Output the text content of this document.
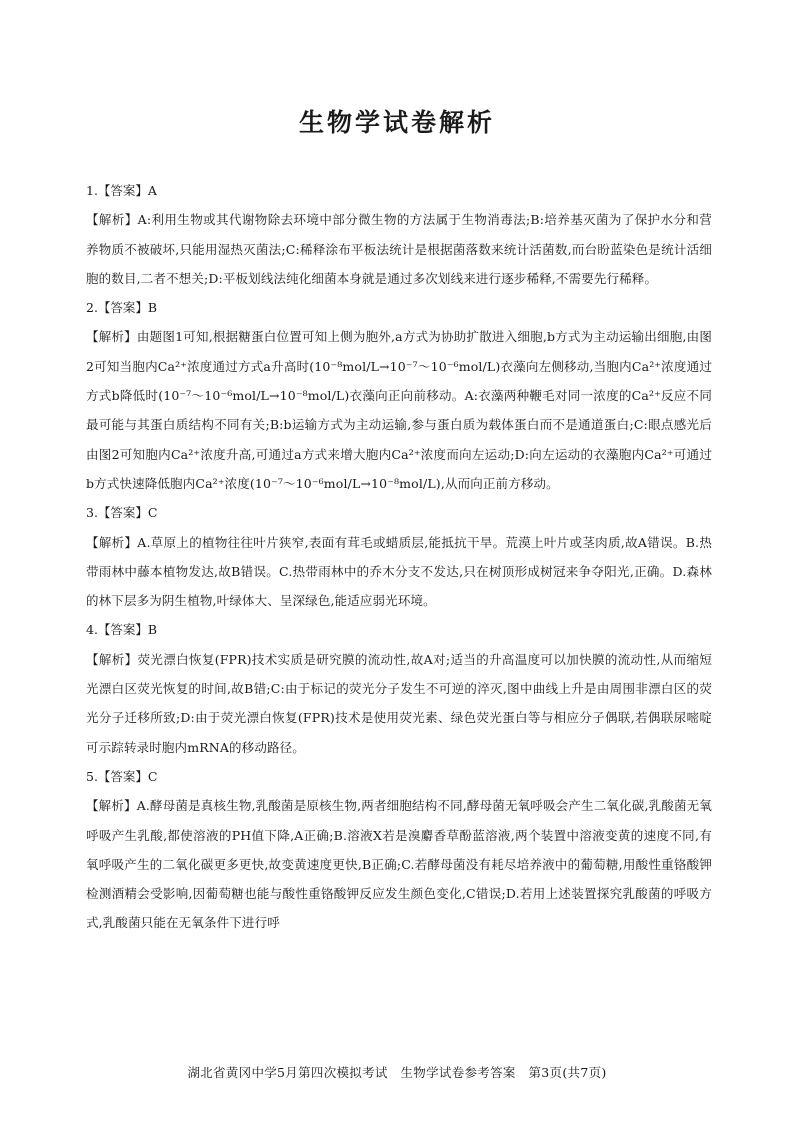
生物学试卷解析
1.【答案】A
【解析】A:利用生物或其代谢物除去环境中部分微生物的方法属于生物消毒法;B:培养基灭菌为了保护水分和营养物质不被破坏,只能用湿热灭菌法;C:稀释涂布平板法统计是根据菌落数来统计活菌数,而台盼蓝染色是统计活细胞的数目,二者不想关;D:平板划线法纯化细菌本身就是通过多次划线来进行逐步稀释,不需要先行稀释。
2.【答案】B
【解析】由题图1可知,根据糖蛋白位置可知上侧为胞外,a方式为协助扩散进入细胞,b方式为主动运输出细胞,由图2可知当胞内Ca²⁺浓度通过方式a升高时(10⁻⁸mol/L→10⁻⁷～10⁻⁶mol/L)衣藻向左侧移动,当胞内Ca²⁺浓度通过方式b降低时(10⁻⁷～10⁻⁶mol/L→10⁻⁸mol/L)衣藻向正向前移动。A:衣藻两种鞭毛对同一浓度的Ca²⁺反应不同最可能与其蛋白质结构不同有关;B:b运输方式为主动运输,参与蛋白质为载体蛋白而不是通道蛋白;C:眼点感光后由图2可知胞内Ca²⁺浓度升高,可通过a方式来增大胞内Ca²⁺浓度而向左运动;D:向左运动的衣藻胞内Ca²⁺可通过b方式快速降低胞内Ca²⁺浓度(10⁻⁷～10⁻⁶mol/L→10⁻⁸mol/L),从而向正前方移动。
3.【答案】C
【解析】A.草原上的植物往往叶片狭窄,表面有茸毛或蜡质层,能抵抗干旱。荒漠上叶片或茎肉质,故A错误。B.热带雨林中藤本植物发达,故B错误。C.热带雨林中的乔木分支不发达,只在树顶形成树冠来争夺阳光,正确。D.森林的林下层多为阴生植物,叶绿体大、呈深绿色,能适应弱光环境。
4.【答案】B
【解析】荧光漂白恢复(FPR)技术实质是研究膜的流动性,故A对;适当的升高温度可以加快膜的流动性,从而缩短光漂白区荧光恢复的时间,故B错;C:由于标记的荧光分子发生不可逆的淬灭,图中曲线上升是由周围非漂白区的荧光分子迁移所致;D:由于荧光漂白恢复(FPR)技术是使用荧光素、绿色荧光蛋白等与相应分子偶联,若偶联尿嘧啶可示踪转录时胞内mRNA的移动路径。
5.【答案】C
【解析】A.酵母菌是真核生物,乳酸菌是原核生物,两者细胞结构不同,酵母菌无氧呼吸会产生二氧化碳,乳酸菌无氧呼吸产生乳酸,都使溶液的PH值下降,A正确;B.溶液X若是溴麝香草酚蓝溶液,两个装置中溶液变黄的速度不同,有氧呼吸产生的二氧化碳更多更快,故变黄速度更快,B正确;C.若酵母菌没有耗尽培养液中的葡萄糖,用酸性重铬酸钾检测酒精会受影响,因葡萄糖也能与酸性重铬酸钾反应发生颜色变化,C错误;D.若用上述装置探究乳酸菌的呼吸方式,乳酸菌只能在无氧条件下进行呼
湖北省黄冈中学5月第四次模拟考试　生物学试卷参考答案　第3页(共7页)
